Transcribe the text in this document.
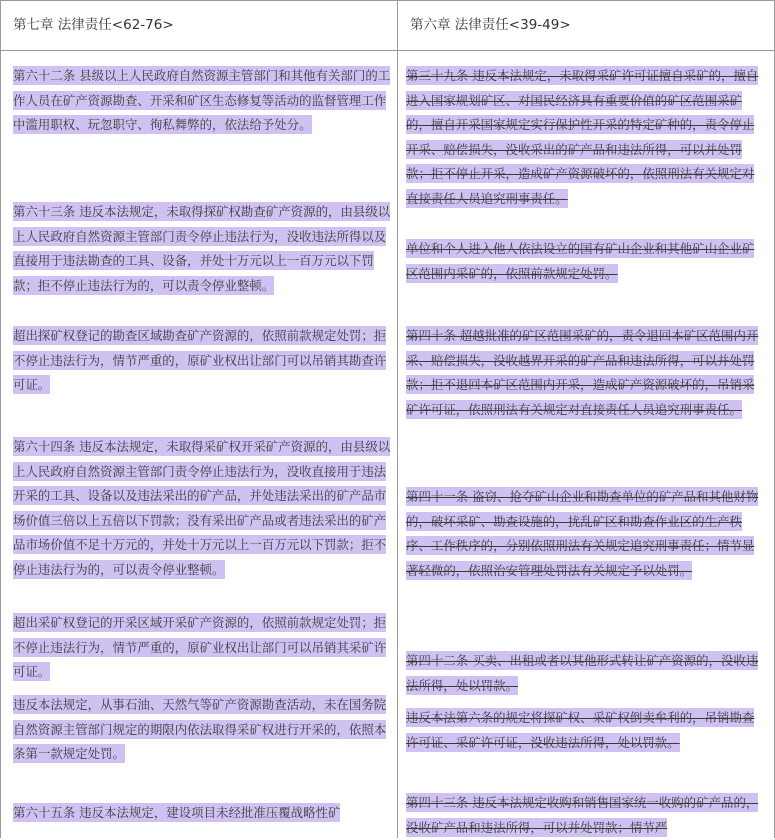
第七章 法律责任<62-76>

第六十二条 县级以上人民政府自然资源主管部门和其他有关部门的工作人员在矿产资源勘查、开采和矿区生态修复等活动的监督管理工作中滥用职权、玩忽职守、徇私舞弊的，依法给予处分。

第六十三条 违反本法规定，未取得探矿权勘查矿产资源的，由县级以上人民政府自然资源主管部门责令停止违法行为，没收违法所得以及直接用于违法勘查的工具、设备，并处十万元以上一百万元以下罚款；拒不停止违法行为的，可以责令停业整顿。

超出探矿权登记的勘查区域勘查矿产资源的，依照前款规定处罚；拒不停止违法行为，情节严重的，原矿业权出让部门可以吊销其勘查许可证。

第六十四条 违反本法规定，未取得采矿权开采矿产资源的，由县级以上人民政府自然资源主管部门责令停止违法行为，没收直接用于违法开采的工具、设备以及违法采出的矿产品，并处违法采出的矿产品市场价值三倍以上五倍以下罚款；没有采出矿产品或者违法采出的矿产品市场价值不足十万元的，并处十万元以上一百万元以下罚款；拒不停止违法行为的，可以责令停业整顿。

超出采矿权登记的开采区域开采矿产资源的，依照前款规定处罚；拒不停止违法行为，情节严重的，原矿业权出让部门可以吊销其采矿许可证。

违反本法规定，从事石油、天然气等矿产资源勘查活动，未在国务院自然资源主管部门规定的期限内依法取得采矿权进行开采的，依照本条第一款规定处罚。

第六十五条 违反本法规定，建设项目未经批准压覆战略性矿

第六章 法律责任<39-49>

第三十九条 违反本法规定，未取得采矿许可证擅自采矿的，擅自进入国家规划矿区、对国民经济具有重要价值的矿区范围采矿的，擅自开采国家规定实行保护性开采的特定矿种的，责令停止开采、赔偿损失，没收采出的矿产品和违法所得，可以并处罚款；拒不停止开采，造成矿产资源破坏的，依照刑法有关规定对直接责任人员追究刑事责任。

单位和个人进入他人依法设立的国有矿山企业和其他矿山企业矿区范围内采矿的，依照前款规定处罚。

第四十条 超越批准的矿区范围采矿的，责令退回本矿区范围内开采、赔偿损失，没收越界开采的矿产品和违法所得，可以并处罚款；拒不退回本矿区范围内开采，造成矿产资源破坏的，吊销采矿许可证，依照刑法有关规定对直接责任人员追究刑事责任。

第四十一条 盗窃、抢夺矿山企业和勘查单位的矿产品和其他财物的，破坏采矿、勘查设施的，扰乱矿区和勘查作业区的生产秩序、工作秩序的，分别依照刑法有关规定追究刑事责任；情节显著轻微的，依照治安管理处罚法有关规定予以处罚。

第四十二条 买卖、出租或者以其他形式转让矿产资源的，没收违法所得，处以罚款。

违反本法第六条的规定将探矿权、采矿权倒卖牟利的，吊销勘查许可证、采矿许可证，没收违法所得，处以罚款。

第四十三条 违反本法规定收购和销售国家统一收购的矿产品的，没收矿产品和违法所得，可以并处罚款；情节严
